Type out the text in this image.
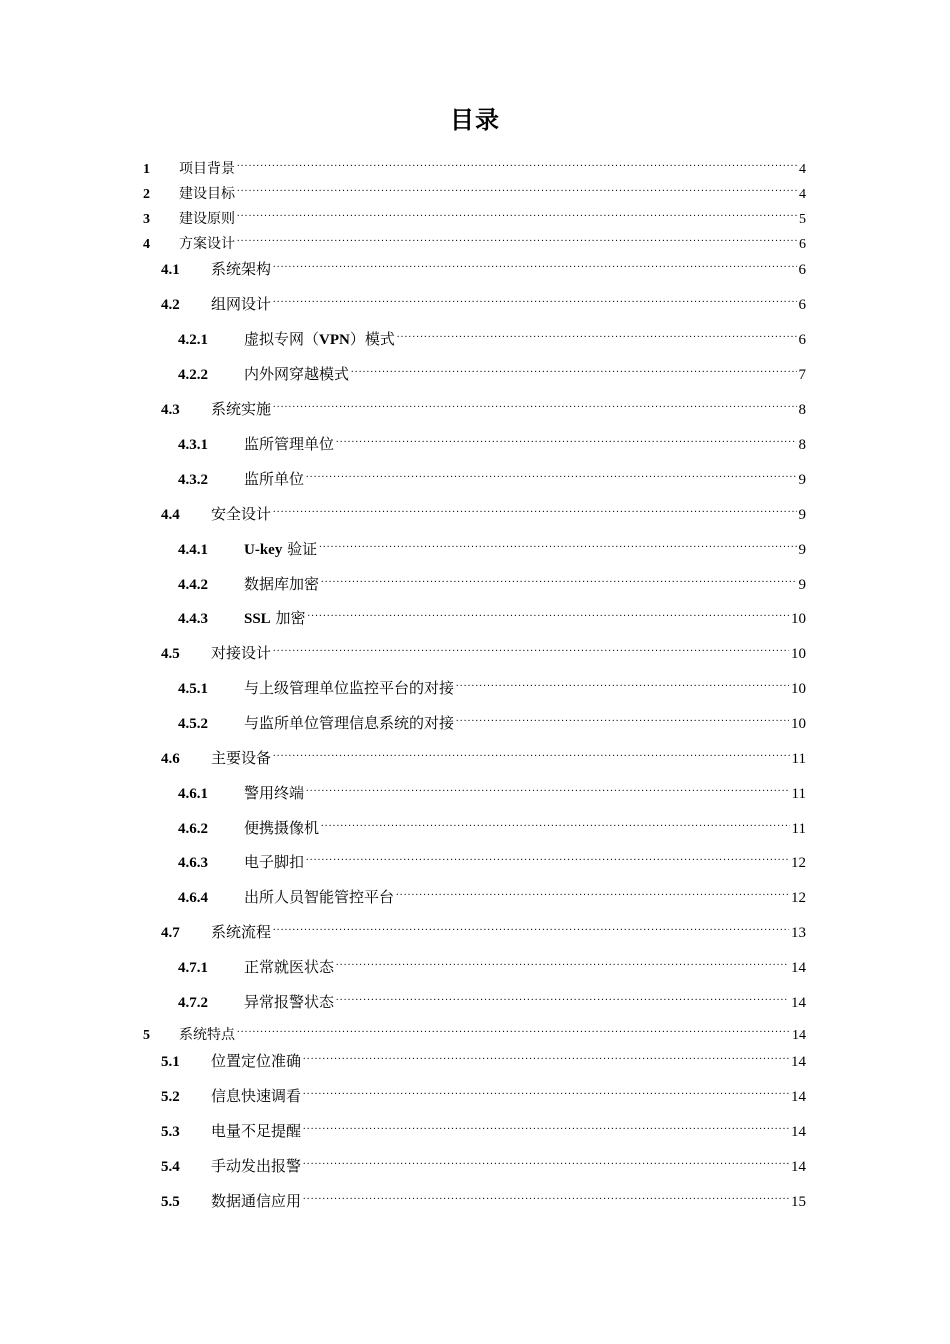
目录
1	项目背景 .....	4
2	建设目标 .....	4
3	建设原则 .....	5
4	方案设计 .....	6
4.1	系统架构 .....	6
4.2	组网设计 .....	6
4.2.1	虚拟专网（VPN）模式 .....	6
4.2.2	内外网穿越模式 .....	7
4.3	系统实施 .....	8
4.3.1	监所管理单位 .....	8
4.3.2	监所单位 .....	9
4.4	安全设计 .....	9
4.4.1	U-key 验证 .....	9
4.4.2	数据库加密 .....	9
4.4.3	SSL 加密 .....	10
4.5	对接设计 .....	10
4.5.1	与上级管理单位监控平台的对接 .....	10
4.5.2	与监所单位管理信息系统的对接 .....	10
4.6	主要设备 .....	11
4.6.1	警用终端 .....	11
4.6.2	便携摄像机 .....	11
4.6.3	电子脚扣 .....	12
4.6.4	出所人员智能管控平台 .....	12
4.7	系统流程 .....	13
4.7.1	正常就医状态 .....	14
4.7.2	异常报警状态 .....	14
5	系统特点 .....	14
5.1	位置定位准确 .....	14
5.2	信息快速调看 .....	14
5.3	电量不足提醒 .....	14
5.4	手动发出报警 .....	14
5.5	数据通信应用 .....	15
